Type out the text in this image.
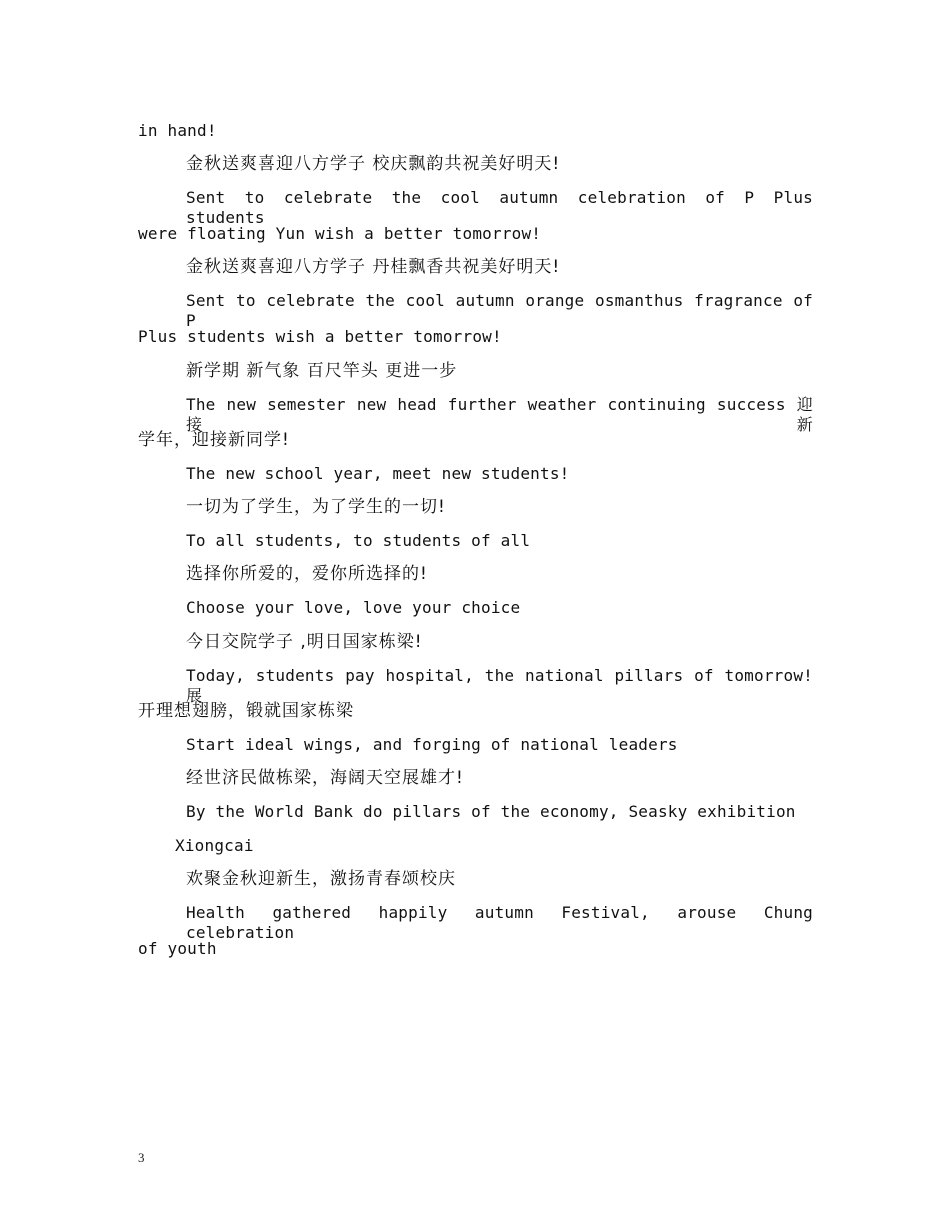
in hand!
金秋送爽喜迎八方学子 校庆飘韵共祝美好明天!
Sent to celebrate the cool autumn celebration of P Plus students
were floating Yun wish a better tomorrow!
金秋送爽喜迎八方学子 丹桂飘香共祝美好明天!
Sent to celebrate the cool autumn orange osmanthus fragrance of P
Plus students wish a better tomorrow!
新学期 新气象 百尺竿头 更进一步
The new semester new head further weather continuing success 迎接新
学年，迎接新同学!
The new school year, meet new students!
一切为了学生，为了学生的一切!
To all students, to students of all
选择你所爱的，爱你所选择的!
Choose your love, love your choice
今日交院学子 ,明日国家栋梁!
Today, students pay hospital, the national pillars of tomorrow! 展
开理想翅膀，锻就国家栋梁
Start ideal wings, and forging of national leaders
经世济民做栋梁，海阔天空展雄才!
By the World Bank do pillars of the economy, Seasky exhibition
Xiongcai
欢聚金秋迎新生，激扬青春颂校庆
Health gathered happily autumn Festival, arouse Chung celebration
of youth
3
